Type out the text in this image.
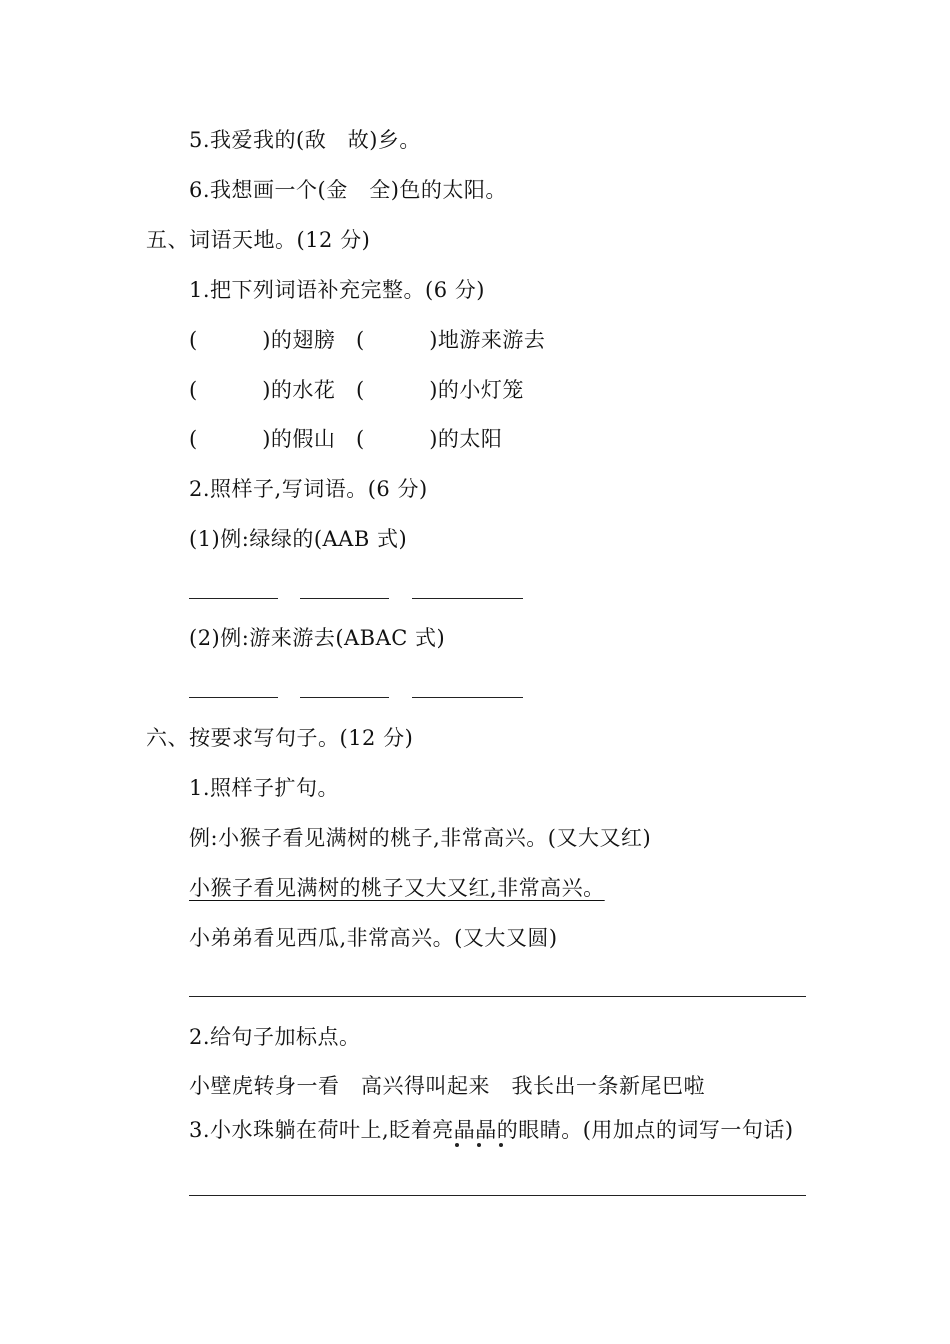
5.我爱我的(敌　故)乡。
6.我想画一个(金　全)色的太阳。
五、词语天地。(12 分)
1.把下列词语补充完整。(6 分)
(　　　)的翅膀 (　　　)地游来游去
(　　　)的水花 (　　　)的小灯笼
(　　　)的假山 (　　　)的太阳
2.照样子,写词语。(6 分)
(1)例:绿绿的(AAB 式)
(2)例:游来游去(ABAC 式)
六、按要求写句子。(12 分)
1.照样子扩句。
例:小猴子看见满树的桃子,非常高兴。(又大又红)
小猴子看见满树的桃子又大又红,非常高兴。
小弟弟看见西瓜,非常高兴。(又大又圆)
2.给句子加标点。
小壁虎转身一看　高兴得叫起来　我长出一条新尾巴啦
3.小水珠躺在荷叶上,眨着亮晶晶的眼睛。(用加点的词写一句话)
